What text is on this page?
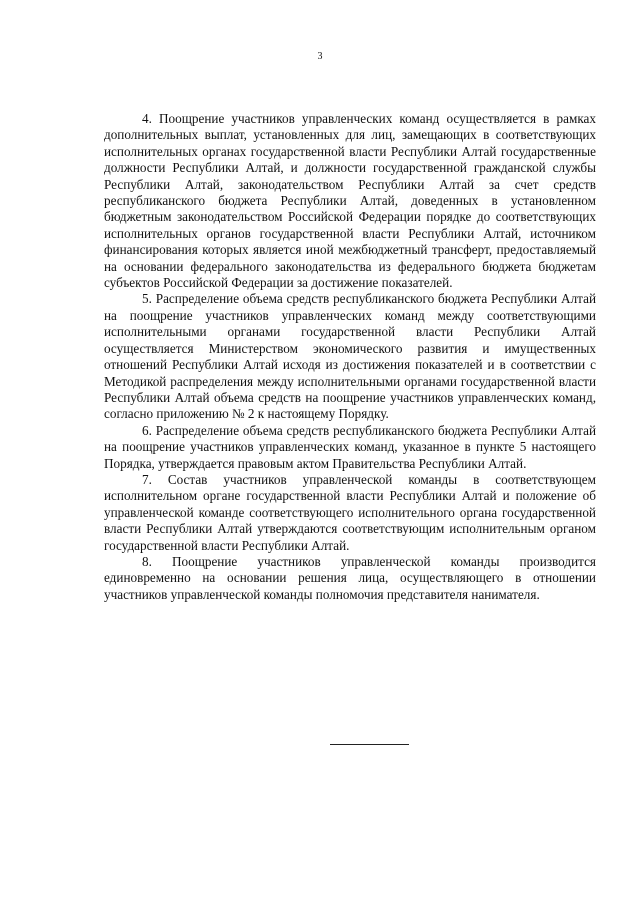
3

4. Поощрение участников управленческих команд осуществляется в рамках дополнительных выплат, установленных для лиц, замещающих в соответствующих исполнительных органах государственной власти Республики Алтай государственные должности Республики Алтай, и должности государственной гражданской службы Республики Алтай, законодательством Республики Алтай за счет средств республиканского бюджета Республики Алтай, доведенных в установленном бюджетным законодательством Российской Федерации порядке до соответствующих исполнительных органов государственной власти Республики Алтай, источником финансирования которых является иной межбюджетный трансферт, предоставляемый на основании федерального законодательства из федерального бюджета бюджетам субъектов Российской Федерации за достижение показателей.

5. Распределение объема средств республиканского бюджета Республики Алтай на поощрение участников управленческих команд между соответствующими исполнительными органами государственной власти Республики Алтай осуществляется Министерством экономического развития и имущественных отношений Республики Алтай исходя из достижения показателей и в соответствии с Методикой распределения между исполнительными органами государственной власти Республики Алтай объема средств на поощрение участников управленческих команд, согласно приложению № 2 к настоящему Порядку.

6. Распределение объема средств республиканского бюджета Республики Алтай на поощрение участников управленческих команд, указанное в пункте 5 настоящего Порядка, утверждается правовым актом Правительства Республики Алтай.

7. Состав участников управленческой команды в соответствующем исполнительном органе государственной власти Республики Алтай и положение об управленческой команде соответствующего исполнительного органа государственной власти Республики Алтай утверждаются соответствующим исполнительным органом государственной власти Республики Алтай.

8. Поощрение участников управленческой команды производится единовременно на основании решения лица, осуществляющего в отношении участников управленческой команды полномочия представителя нанимателя.
